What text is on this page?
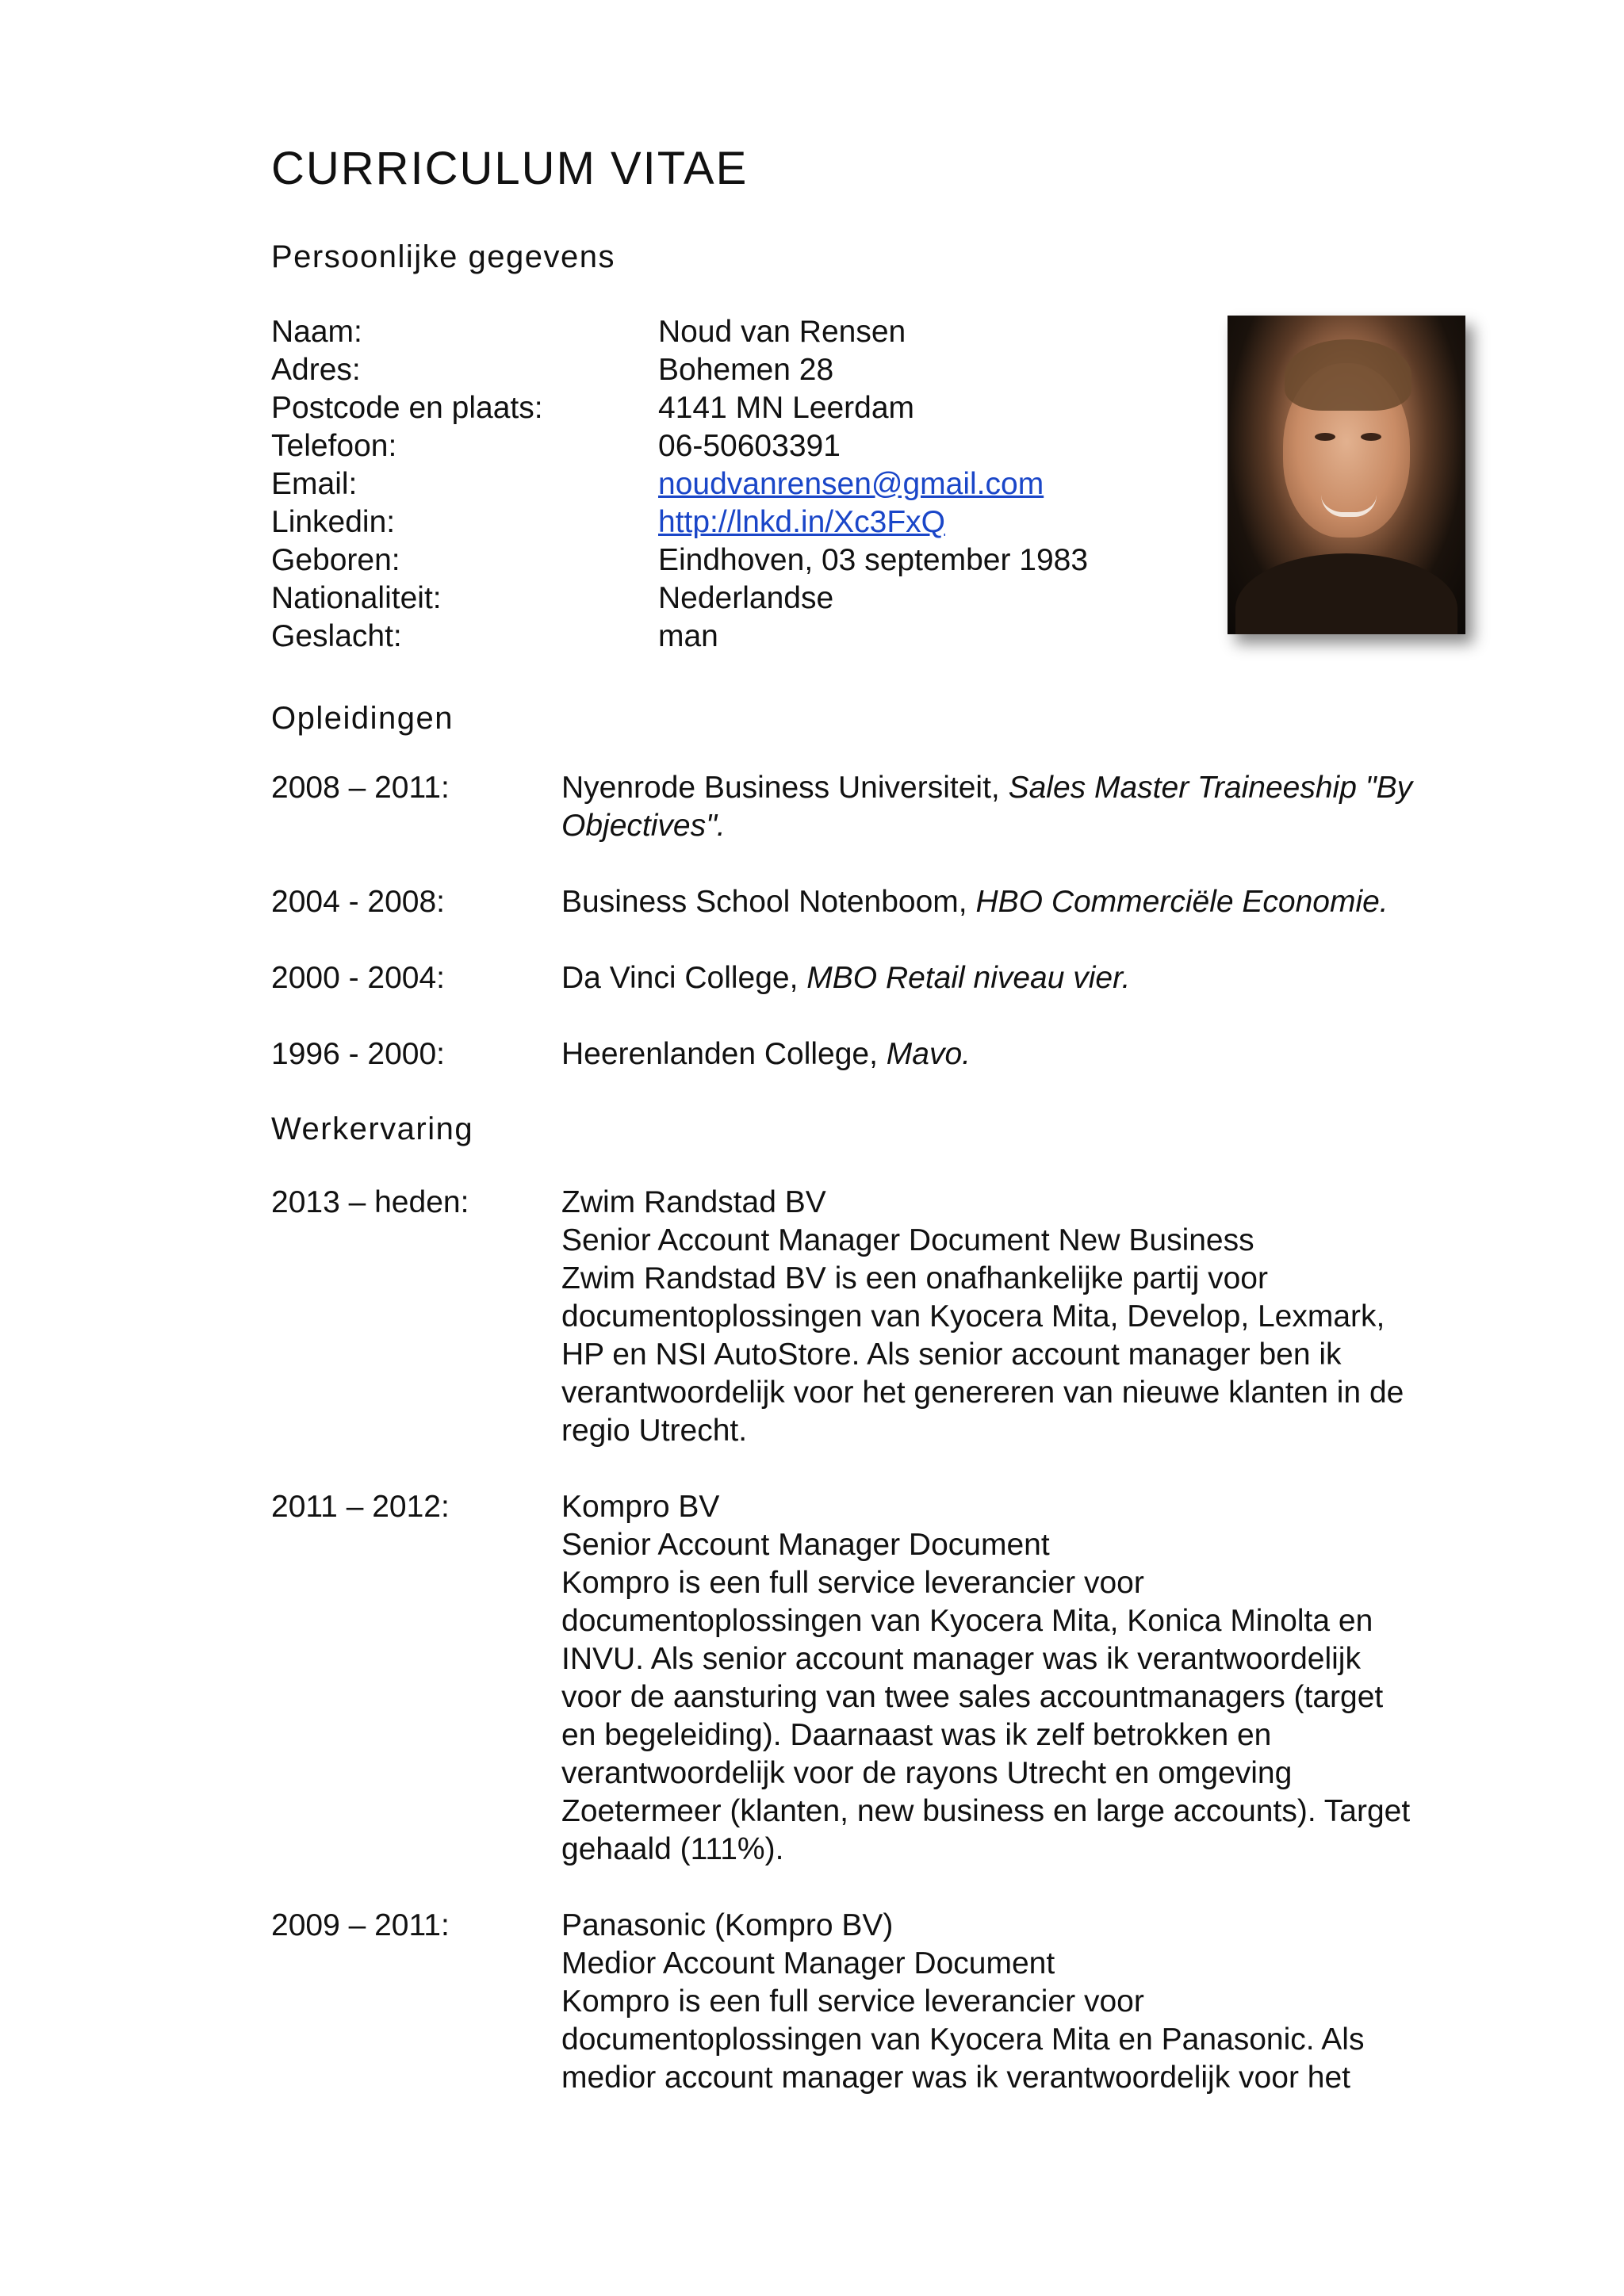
CURRICULUM VITAE
Persoonlijke gegevens
Naam:	Noud van Rensen
Adres:	Bohemen 28
Postcode en plaats:	4141 MN Leerdam
Telefoon:	06-50603391
Email:	noudvanrensen@gmail.com
Linkedin:	http://lnkd.in/Xc3FxQ
Geboren:	Eindhoven, 03 september 1983
Nationaliteit:	Nederlandse
Geslacht:	man
Opleidingen
2008 – 2011:	Nyenrode Business Universiteit, Sales Master Traineeship "By
Objectives".
2004 - 2008:	Business School Notenboom, HBO Commerciële Economie.
2000 - 2004:	Da Vinci College, MBO Retail niveau vier.
1996 - 2000:	Heerenlanden College, Mavo.
Werkervaring
2013 – heden:	Zwim Randstad BV
Senior Account Manager Document New Business
Zwim Randstad BV is een onafhankelijke partij voor
documentoplossingen van Kyocera Mita, Develop, Lexmark,
HP en NSI AutoStore. Als senior account manager ben ik
verantwoordelijk voor het genereren van nieuwe klanten in de
regio Utrecht.
2011 – 2012:	Kompro BV
Senior Account Manager Document
Kompro is een full service leverancier voor
documentoplossingen van Kyocera Mita, Konica Minolta en
INVU. Als senior account manager was ik verantwoordelijk
voor de aansturing van twee sales accountmanagers (target
en begeleiding). Daarnaast was ik zelf betrokken en
verantwoordelijk voor de rayons Utrecht en omgeving
Zoetermeer (klanten, new business en large accounts). Target
gehaald (111%).
2009 – 2011:	Panasonic (Kompro BV)
Medior Account Manager Document
Kompro is een full service leverancier voor
documentoplossingen van Kyocera Mita en Panasonic. Als
medior account manager was ik verantwoordelijk voor het
